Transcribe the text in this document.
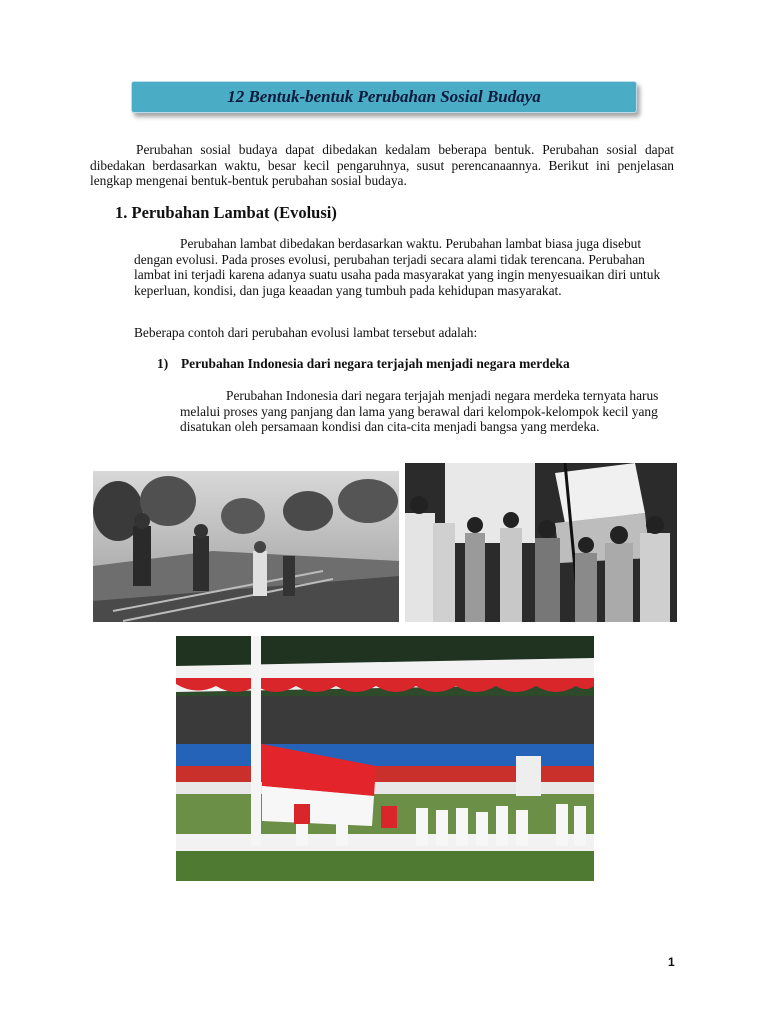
12 Bentuk-bentuk Perubahan Sosial Budaya

Perubahan sosial budaya dapat dibedakan kedalam beberapa bentuk. Perubahan sosial dapat dibedakan berdasarkan waktu, besar kecil pengaruhnya, susut perencanaannya. Berikut ini penjelasan lengkap mengenai bentuk-bentuk perubahan sosial budaya.

1. Perubahan Lambat (Evolusi)

Perubahan lambat dibedakan berdasarkan waktu. Perubahan lambat biasa juga disebut dengan evolusi. Pada proses evolusi, perubahan terjadi secara alami tidak terencana. Perubahan lambat ini terjadi karena adanya suatu usaha pada masyarakat yang ingin menyesuaikan diri untuk keperluan, kondisi, dan juga keaadan yang tumbuh pada kehidupan masyarakat.

Beberapa contoh dari perubahan evolusi lambat tersebut adalah:

1) Perubahan Indonesia dari negara terjajah menjadi negara merdeka

Perubahan Indonesia dari negara terjajah menjadi negara merdeka ternyata harus melalui proses yang panjang dan lama yang berawal dari kelompok-kelompok kecil yang disatukan oleh persamaan kondisi dan cita-cita menjadi bangsa yang merdeka.

1
